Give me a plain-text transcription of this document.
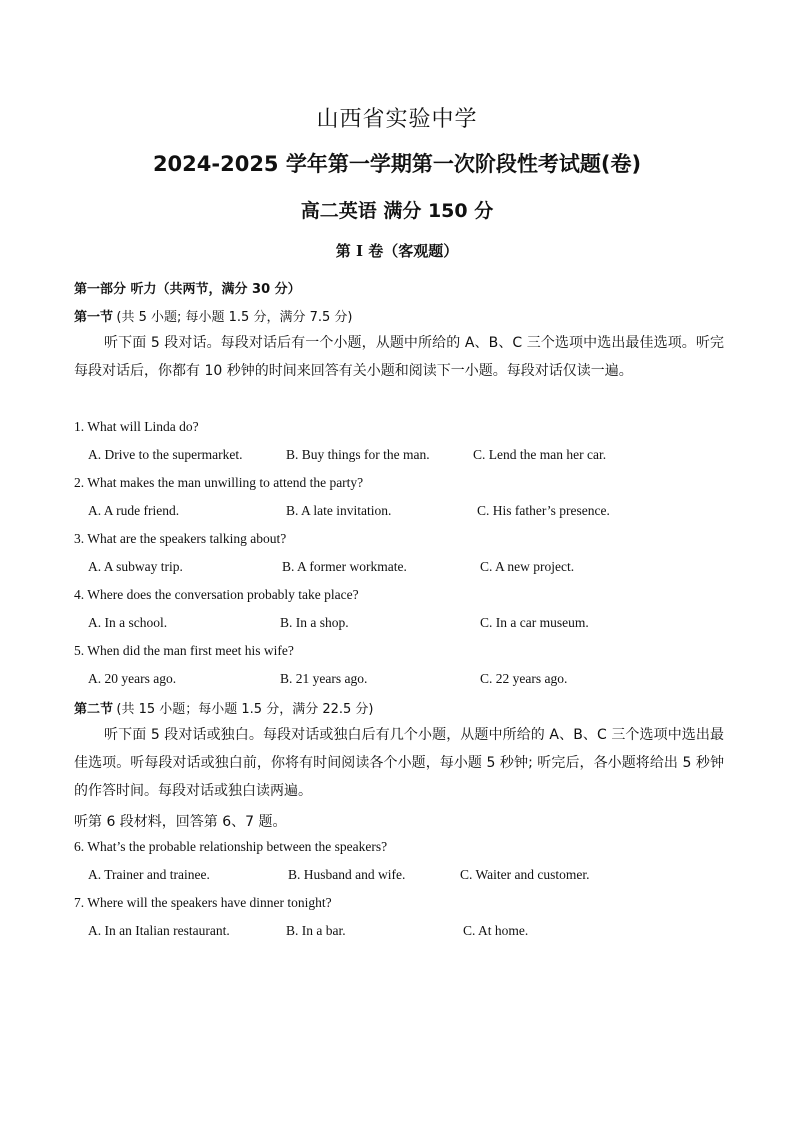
山西省实验中学
2024-2025 学年第一学期第一次阶段性考试题(卷)
高二英语 满分 150 分
第 I 卷（客观题）
第一部分 听力（共两节，满分 30 分）
第一节 (共 5 小题; 每小题 1.5 分，满分 7.5 分)
听下面 5 段对话。每段对话后有一个小题，从题中所给的 A、B、C 三个选项中选出最佳选项。听完每段对话后，你都有 10 秒钟的时间来回答有关小题和阅读下一小题。每段对话仅读一遍。
1. What will Linda do?
A. Drive to the supermarket.	B. Buy things for the man.	C. Lend the man her car.
2. What makes the man unwilling to attend the party?
A. A rude friend.	B. A late invitation.	C. His father’s presence.
3. What are the speakers talking about?
A. A subway trip.	B. A former workmate.	C. A new project.
4. Where does the conversation probably take place?
A. In a school.	B. In a shop.	C. In a car museum.
5. When did the man first meet his wife?
A. 20 years ago.	B. 21 years ago.	C. 22 years ago.
第二节 (共 15 小题；每小题 1.5 分，满分 22.5 分)
听下面 5 段对话或独白。每段对话或独白后有几个小题，从题中所给的 A、B、C 三个选项中选出最佳选项。听每段对话或独白前，你将有时间阅读各个小题，每小题 5 秒钟; 听完后，各小题将给出 5 秒钟的作答时间。每段对话或独白读两遍。
听第 6 段材料，回答第 6、7 题。
6. What’s the probable relationship between the speakers?
A. Trainer and trainee.	B. Husband and wife.	C. Waiter and customer.
7. Where will the speakers have dinner tonight?
A. In an Italian restaurant.	B. In a bar.	C. At home.
